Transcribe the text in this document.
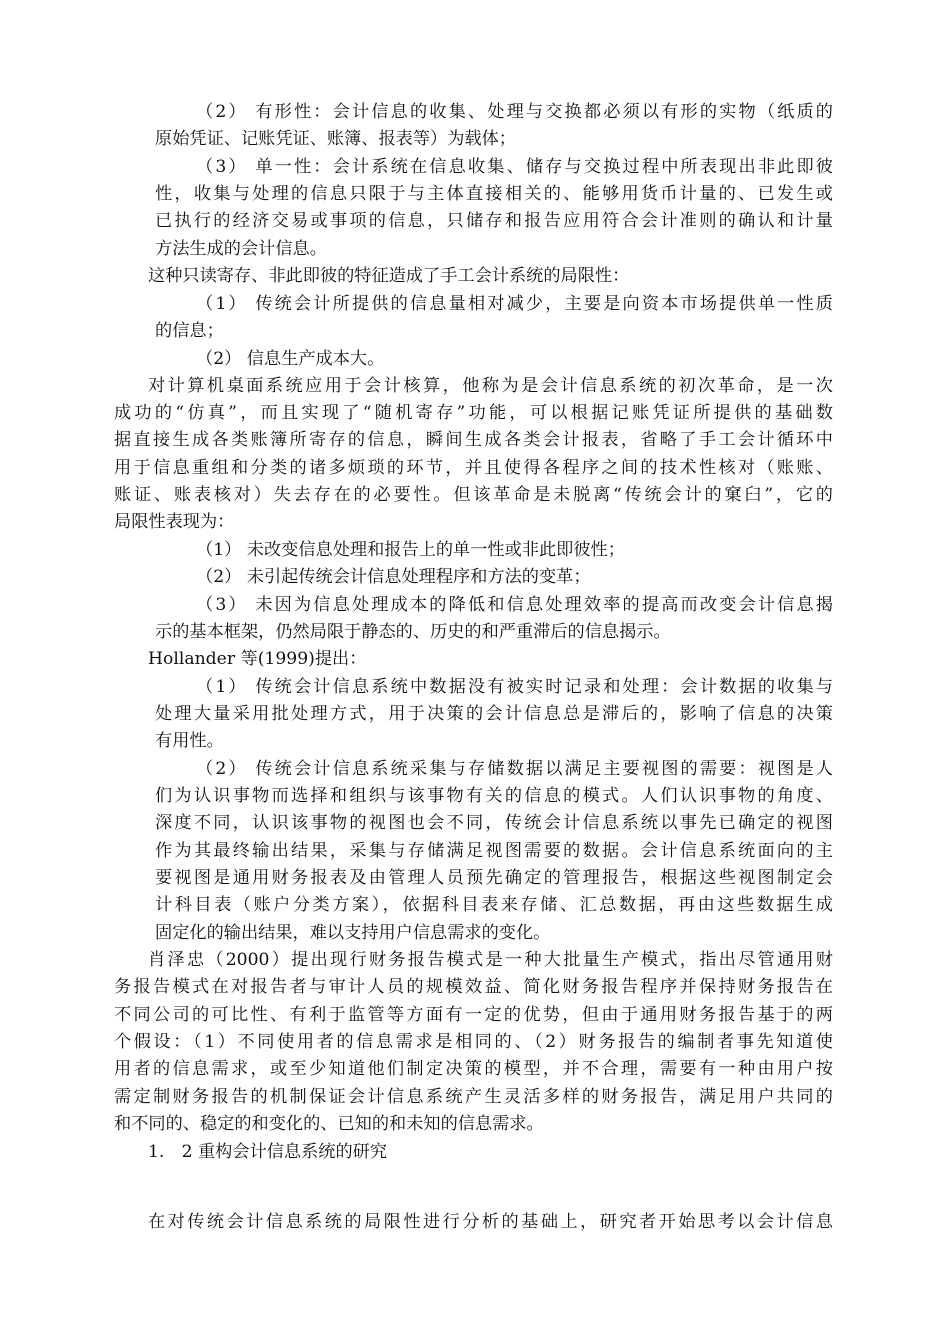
（2） 有形性：会计信息的收集、处理与交换都必须以有形的实物（纸质的
原始凭证、记账凭证、账簿、报表等）为载体；
（3） 单一性：会计系统在信息收集、储存与交换过程中所表现出非此即彼
性，收集与处理的信息只限于与主体直接相关的、能够用货币计量的、已发生或
已执行的经济交易或事项的信息，只储存和报告应用符合会计准则的确认和计量
方法生成的会计信息。
这种只读寄存、非此即彼的特征造成了手工会计系统的局限性：
（1） 传统会计所提供的信息量相对减少，主要是向资本市场提供单一性质
的信息；
（2） 信息生产成本大。
对计算机桌面系统应用于会计核算，他称为是会计信息系统的初次革命，是一次
成功的“仿真”，而且实现了“随机寄存”功能，可以根据记账凭证所提供的基础数
据直接生成各类账簿所寄存的信息，瞬间生成各类会计报表，省略了手工会计循环中
用于信息重组和分类的诸多烦琐的环节，并且使得各程序之间的技术性核对（账账、
账证、账表核对）失去存在的必要性。但该革命是未脱离“传统会计的窠臼”，它的
局限性表现为：
（1） 未改变信息处理和报告上的单一性或非此即彼性；
（2） 未引起传统会计信息处理程序和方法的变革；
（3） 未因为信息处理成本的降低和信息处理效率的提高而改变会计信息揭
示的基本框架，仍然局限于静态的、历史的和严重滞后的信息揭示。
Hollander 等(1999)提出：
（1） 传统会计信息系统中数据没有被实时记录和处理：会计数据的收集与
处理大量采用批处理方式，用于决策的会计信息总是滞后的，影响了信息的决策
有用性。
（2） 传统会计信息系统采集与存储数据以满足主要视图的需要：视图是人
们为认识事物而选择和组织与该事物有关的信息的模式。人们认识事物的角度、
深度不同，认识该事物的视图也会不同，传统会计信息系统以事先已确定的视图
作为其最终输出结果，采集与存储满足视图需要的数据。会计信息系统面向的主
要视图是通用财务报表及由管理人员预先确定的管理报告，根据这些视图制定会
计科目表（账户分类方案），依据科目表来存储、汇总数据，再由这些数据生成
固定化的输出结果，难以支持用户信息需求的变化。
肖泽忠（2000）提出现行财务报告模式是一种大批量生产模式，指出尽管通用财
务报告模式在对报告者与审计人员的规模效益、简化财务报告程序并保持财务报告在
不同公司的可比性、有利于监管等方面有一定的优势，但由于通用财务报告基于的两
个假设：（1）不同使用者的信息需求是相同的、（2）财务报告的编制者事先知道使
用者的信息需求，或至少知道他们制定决策的模型，并不合理，需要有一种由用户按
需定制财务报告的机制保证会计信息系统产生灵活多样的财务报告，满足用户共同的
和不同的、稳定的和变化的、已知的和未知的信息需求。
1.　2 重构会计信息系统的研究
在对传统会计信息系统的局限性进行分析的基础上，研究者开始思考以会计信息
